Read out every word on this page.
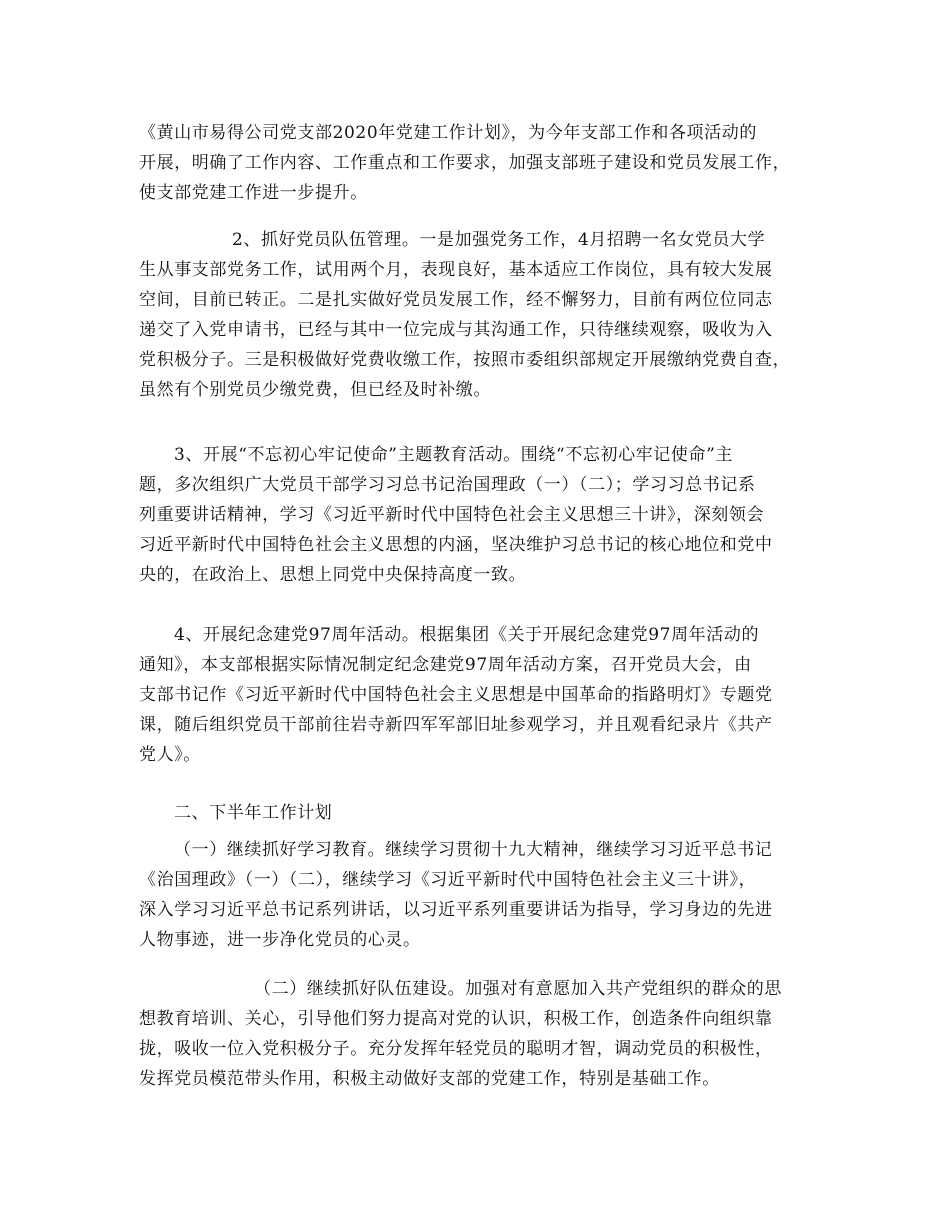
《黄山市易得公司党支部2020年党建工作计划》，为今年支部工作和各项活动的
开展，明确了工作内容、工作重点和工作要求，加强支部班子建设和党员发展工作，
使支部党建工作进一步提升。
2、抓好党员队伍管理。一是加强党务工作，4月招聘一名女党员大学
生从事支部党务工作，试用两个月，表现良好，基本适应工作岗位，具有较大发展
空间，目前已转正。二是扎实做好党员发展工作，经不懈努力，目前有两位位同志
递交了入党申请书，已经与其中一位完成与其沟通工作，只待继续观察，吸收为入
党积极分子。三是积极做好党费收缴工作，按照市委组织部规定开展缴纳党费自查，
虽然有个别党员少缴党费，但已经及时补缴。
3、开展“不忘初心牢记使命”主题教育活动。围绕“不忘初心牢记使命”主
题，多次组织广大党员干部学习习总书记治国理政（一）（二）；学习习总书记系
列重要讲话精神，学习《习近平新时代中国特色社会主义思想三十讲》，深刻领会
习近平新时代中国特色社会主义思想的内涵，坚决维护习总书记的核心地位和党中
央的，在政治上、思想上同党中央保持高度一致。
4、开展纪念建党97周年活动。根据集团《关于开展纪念建党97周年活动的
通知》，本支部根据实际情况制定纪念建党97周年活动方案，召开党员大会，由
支部书记作《习近平新时代中国特色社会主义思想是中国革命的指路明灯》专题党
课，随后组织党员干部前往岩寺新四军军部旧址参观学习，并且观看纪录片《共产
党人》。
二、下半年工作计划
（一）继续抓好学习教育。继续学习贯彻十九大精神，继续学习习近平总书记
《治国理政》（一）（二），继续学习《习近平新时代中国特色社会主义三十讲》，
深入学习习近平总书记系列讲话，以习近平系列重要讲话为指导，学习身边的先进
人物事迹，进一步净化党员的心灵。
（二）继续抓好队伍建设。加强对有意愿加入共产党组织的群众的思
想教育培训、关心，引导他们努力提高对党的认识，积极工作，创造条件向组织靠
拢，吸收一位入党积极分子。充分发挥年轻党员的聪明才智，调动党员的积极性，
发挥党员模范带头作用，积极主动做好支部的党建工作，特别是基础工作。
